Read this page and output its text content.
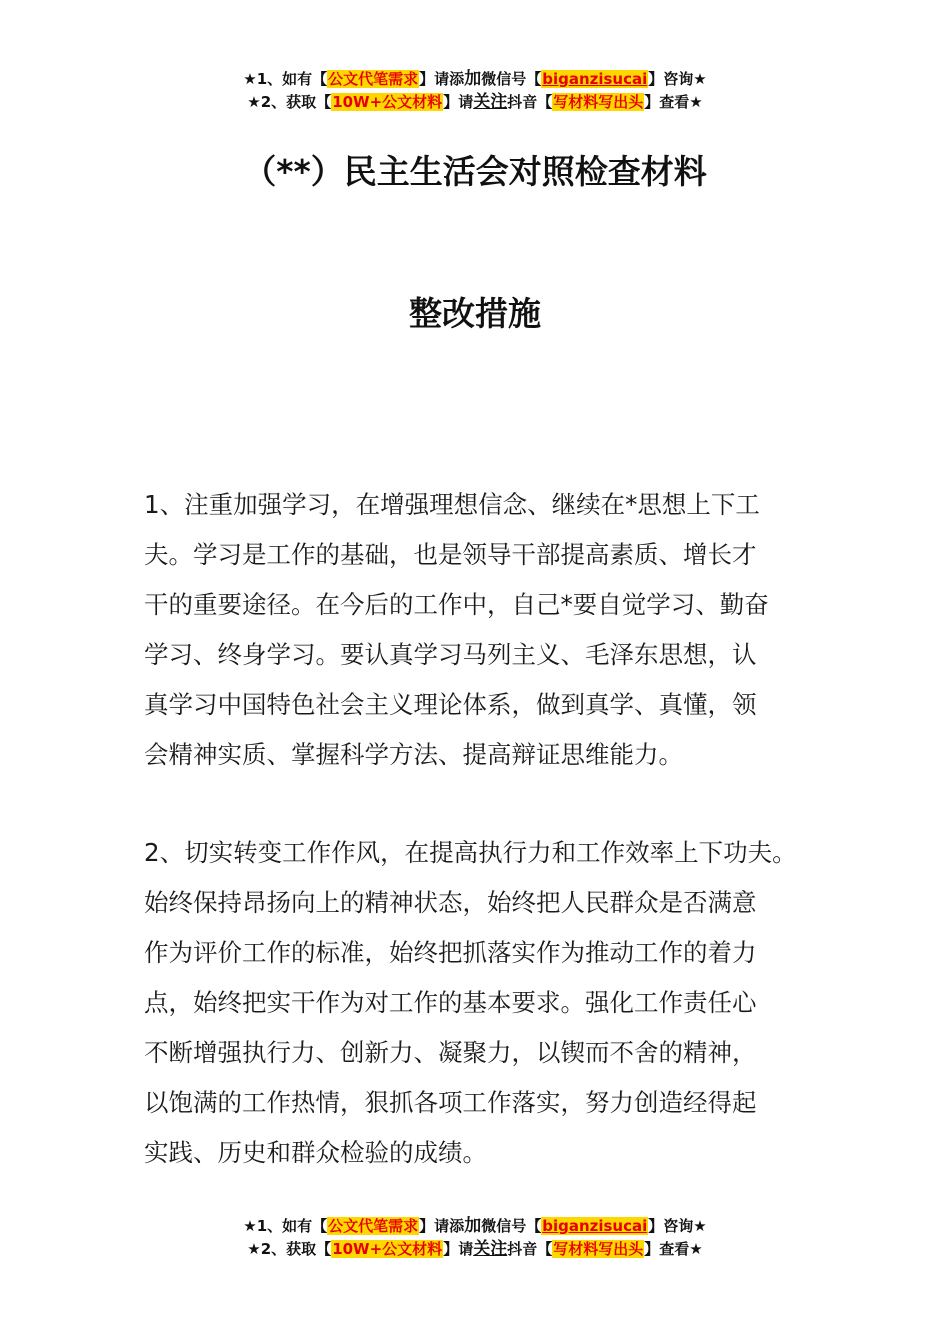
★1、如有【公文代笔需求】请添加微信号【biganzisucai】咨询★
★2、获取【10W+公文材料】请关注抖音【写材料写出头】查看★
（**）民主生活会对照检查材料
整改措施
1、注重加强学习，在增强理想信念、继续在*思想上下工
夫。学习是工作的基础，也是领导干部提高素质、增长才
干的重要途径。在今后的工作中，自己*要自觉学习、勤奋
学习、终身学习。要认真学习马列主义、毛泽东思想，认
真学习中国特色社会主义理论体系，做到真学、真懂，领
会精神实质、掌握科学方法、提高辩证思维能力。
2、切实转变工作作风，在提高执行力和工作效率上下功夫。
始终保持昂扬向上的精神状态，始终把人民群众是否满意
作为评价工作的标准，始终把抓落实作为推动工作的着力
点，始终把实干作为对工作的基本要求。强化工作责任心
不断增强执行力、创新力、凝聚力，以锲而不舍的精神，
以饱满的工作热情，狠抓各项工作落实，努力创造经得起
实践、历史和群众检验的成绩。
★1、如有【公文代笔需求】请添加微信号【biganzisucai】咨询★
★2、获取【10W+公文材料】请关注抖音【写材料写出头】查看★
